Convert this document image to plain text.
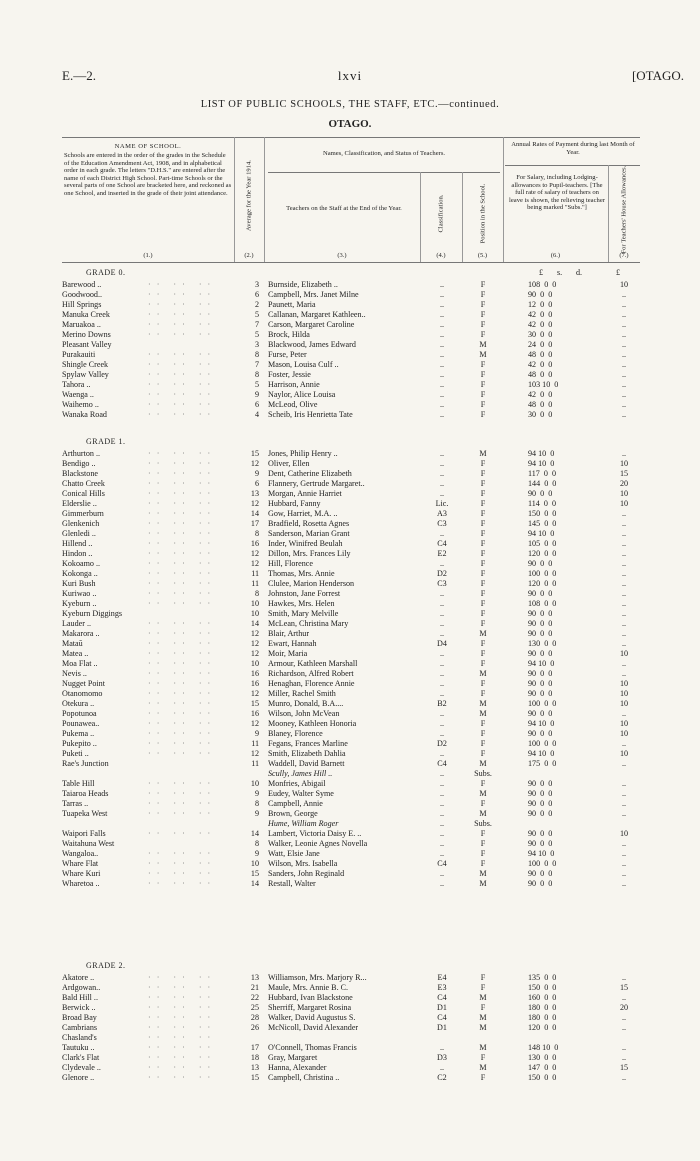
E.—2.	lxvi	[OTAGO.
LIST OF PUBLIC SCHOOLS, THE STAFF, ETC.—continued.
OTAGO.
NAME OF SCHOOL.
Schools are entered in the order of the grades in the Schedule of the Education Amendment Act, 1908, and in alphabetical order in each grade. The letters "D.H.S." are entered after the name of each District High School. Part-time Schools or the several parts of one School are bracketed here, and reckoned as one School, and inserted in the grade of their joint attendance.	Average for the Year 1914.
Names, Classification, and Status of Teachers.
Teachers on the Staff at the End of the Year.	Classification.	Position in the School.
Annual Rates of Payment during last Month of Year.
For Salary, including Lodging-allowances to Pupil-teachers. [The full rate of salary of teachers on leave is shown, the relieving teacher being marked "Subs."]	For Teachers' House Allowances.
(1.)	(2.)	(3.)	(4.)	(5.)	(6.)	(7.)
GRADE 0.	£	s.	d.	£
Barewood ..	3 Burnside, Elizabeth ..	..	F	108  0  0	10
·· ·· ··
Goodwood..	6 Campbell, Mrs. Janet Milne	..	F	90  0  0	..
·· ·· ··
Hill Springs	2 Paunett, Maria	..	F	12  0  0	..
·· ·· ··
Manuka Creek	5 Callanan, Margaret Kathleen..	..	F	42  0  0	..
·· ·· ··
Maruakoa ..	7 Carson, Margaret Caroline	..	F	42  0  0	..
·· ·· ··
Merino Downs	5 Brock, Hilda	..	F	30  0  0	..
·· ·· ··
Pleasant Valley	3 Blackwood, James Edward	..	M	24  0  0	..
Purakauiti	8 Furse, Peter	..	M	48  0  0	..
·· ·· ··
Shingle Creek	7 Mason, Louisa Culf ..	..	F	42  0  0	..
·· ·· ··
Spylaw Valley	8 Foster, Jessie	..	F	48  0  0	..
·· ·· ··
Tahora ..	5 Harrison, Annie	..	F	103 10  0	..
·· ·· ··
Waenga ..	9 Naylor, Alice Louisa	..	F	42  0  0	..
·· ·· ··
Waihemo ..	6 McLeod, Olive	..	F	48  0  0	..
·· ·· ··
Wanaka Road	4 Scheib, Iris Henrietta Tate	..	F	30  0  0	..
·· ·· ··
GRADE 1.
Arthurton ..	15 Jones, Philip Henry ..	..	M	94 10  0	..
·· ·· ··
Bendigo ..	12 Oliver, Ellen	..	F	94 10  0	10
·· ·· ··
Blackstone	9 Dent, Catherine Elizabeth	..	F	117  0  0	15
·· ·· ··
Chatto Creek	6 Flannery, Gertrude Margaret..	..	F	144  0  0	20
·· ·· ··
Conical Hills	13 Morgan, Annie Harriet	..	F	90  0  0	10
·· ·· ··
Elderslie ..	12 Hubbard, Fanny	Lic.	F	114  0  0	10
·· ·· ··
Gimmerburn	14 Gow, Harriet, M.A. ..	A3	F	150  0  0	..
·· ·· ··
Glenkenich	17 Bradfield, Rosetta Agnes	C3	F	145  0  0	..
·· ·· ··
Glenledi ..	8 Sanderson, Marian Grant	..	F	94 10  0	..
·· ·· ··
Hillend ..	16 Inder, Winifred Beulah	C4	F	105  0  0	..
·· ·· ··
Hindon ..	12 Dillon, Mrs. Frances Lily	E2	F	120  0  0	..
·· ·· ··
Kokoamo ..	12 Hill, Florence	..	F	90  0  0	..
·· ·· ··
Kokonga ..	11 Thomas, Mrs. Annie	D2	F	100  0  0	..
·· ·· ··
Kuri Bush	11 Clulee, Marion Henderson	C3	F	120  0  0	..
·· ·· ··
Kuriwao ..	8 Johnston, Jane Forrest	..	F	90  0  0	..
·· ·· ··
Kyeburn ..	10 Hawkes, Mrs. Helen	..	F	108  0  0	..
·· ·· ··
Kyeburn Diggings	10 Smith, Mary Melville	..	F	90  0  0	..
Lauder ..	14 McLean, Christina Mary	..	F	90  0  0	..
·· ·· ··
Makarora ..	12 Blair, Arthur	..	M	90  0  0	..
·· ·· ··
Mataū	12 Ewart, Hannah	D4	F	130  0  0	..
·· ·· ··
Matea ..	12 Moir, Maria	..	F	90  0  0	10
·· ·· ··
Moa Flat ..	10 Armour, Kathleen Marshall	..	F	94 10  0	..
·· ·· ··
Nevis ..	16 Richardson, Alfred Robert	..	M	90  0  0	..
·· ·· ··
Nugget Point	16 Henaghan, Florence Annie	..	F	90  0  0	10
·· ·· ··
Otanomomo	12 Miller, Rachel Smith	..	F	90  0  0	10
·· ·· ··
Otekura ..	15 Munro, Donald, B.A....	B2	M	100  0  0	10
·· ·· ··
Popotunoa	16 Wilson, John McVean	..	M	90  0  0	..
·· ·· ··
Pounawea..	12 Mooney, Kathleen Honoria	..	F	94 10  0	10
·· ·· ··
Pukema ..	9 Blaney, Florence	..	F	90  0  0	10
·· ·· ··
Pukepito ..	11 Fegans, Frances Marline	D2	F	100  0  0	..
·· ·· ··
Puketi ..	12 Smith, Elizabeth Dahlia	..	F	94 10  0	10
·· ·· ··
Rae's Junction	11 Waddell, David Barnett	C4	M	175  0  0	..
Scully, James Hill ..	..	Subs.
Table Hill	10 Monfries, Abigail	..	F	90  0  0	..
·· ·· ··
Taiaroa Heads	9 Eudey, Walter Syme	..	M	90  0  0	..
·· ·· ··
Tarras ..	8 Campbell, Annie	..	F	90  0  0	..
·· ·· ··
Tuapeka West	9 Brown, George	..	M	90  0  0	..
·· ·· ··
Hume, William Roger	..	Subs.
Waipori Falls	14 Lambert, Victoria Daisy E. ..	..	F	90  0  0	10
·· ·· ··
Waitahuna West	8 Walker, Leonie Agnes Novella	..	F	90  0  0	..
Wangaloa..	9 Watt, Elsie Jane	..	F	94 10  0	..
·· ·· ··
Whare Flat	10 Wilson, Mrs. Isabella	C4	F	100  0  0	..
·· ·· ··
Whare Kuri	15 Sanders, John Reginald	..	M	90  0  0	..
·· ·· ··
Wharetoa ..	14 Restall, Walter	..	M	90  0  0	..
·· ·· ··
GRADE 2.
Akatore ..	13 Williamson, Mrs. Marjory R...	E4	F	135  0  0	..
·· ·· ··
Ardgowan..	21 Maule, Mrs. Annie B. C.	E3	F	150  0  0	15
·· ·· ··
Bald Hill ..	22 Hubbard, Ivan Blackstone	C4	M	160  0  0	..
·· ·· ··
Berwick ..	25 Sherriff, Margaret Rosina	D1	F	180  0  0	20
·· ·· ··
Broad Bay	28 Walker, David Augustus S.	C4	M	180  0  0	..
·· ·· ··
Cambrians	26 McNicoll, David Alexander	D1	M	120  0  0	..
·· ·· ··
Chasland's	·· ·· ··
Tautuku ..	17 O'Connell, Thomas Francis	..	M	148 10  0	..
·· ·· ··
Clark's Flat	18 Gray, Margaret	D3	F	130  0  0	..
·· ·· ··
Clydevale ..	13 Hanna, Alexander	..	M	147  0  0	15
·· ·· ··
Glenore ..	15 Campbell, Christina ..	C2	F	150  0  0	..
·· ·· ··
